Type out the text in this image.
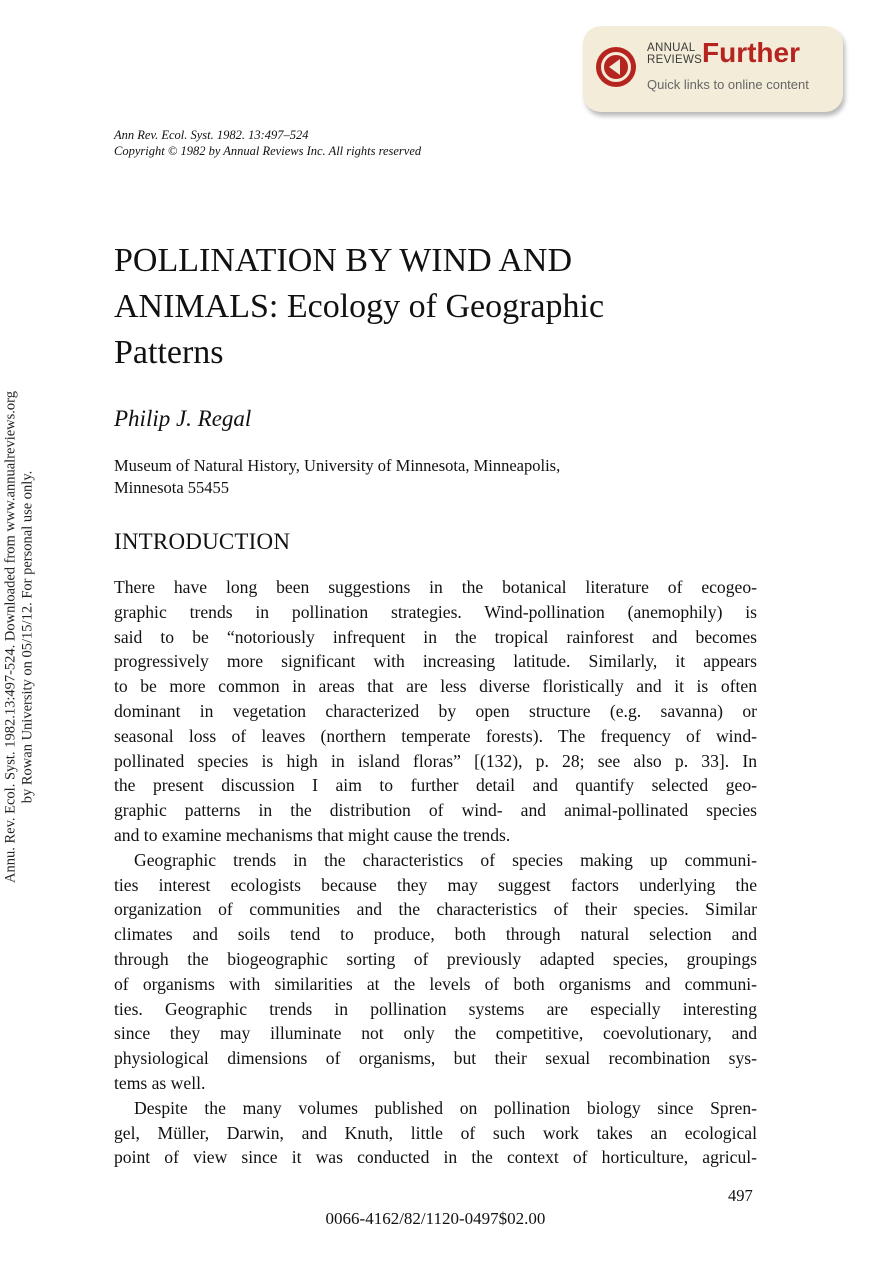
ANNUAL
REVIEWS Further
Quick links to online content
Ann Rev. Ecol. Syst. 1982. 13:497–524
Copyright © 1982 by Annual Reviews Inc. All rights reserved
Annu. Rev. Ecol. Syst. 1982.13:497-524. Downloaded from www.annualreviews.org by Rowan University on 05/15/12. For personal use only.
POLLINATION BY WIND AND
ANIMALS: Ecology of Geographic
Patterns
Philip J. Regal
Museum of Natural History, University of Minnesota, Minneapolis,
Minnesota 55455
INTRODUCTION
There have long been suggestions in the botanical literature of ecogeo-
graphic trends in pollination strategies. Wind-pollination (anemophily) is
said to be “notoriously infrequent in the tropical rainforest and becomes
progressively more significant with increasing latitude. Similarly, it appears
to be more common in areas that are less diverse floristically and it is often
dominant in vegetation characterized by open structure (e.g. savanna) or
seasonal loss of leaves (northern temperate forests). The frequency of wind-
pollinated species is high in island floras” [(132), p. 28; see also p. 33]. In
the present discussion I aim to further detail and quantify selected geo-
graphic patterns in the distribution of wind- and animal-pollinated species
and to examine mechanisms that might cause the trends.
Geographic trends in the characteristics of species making up communi-
ties interest ecologists because they may suggest factors underlying the
organization of communities and the characteristics of their species. Similar
climates and soils tend to produce, both through natural selection and
through the biogeographic sorting of previously adapted species, groupings
of organisms with similarities at the levels of both organisms and communi-
ties. Geographic trends in pollination systems are especially interesting
since they may illuminate not only the competitive, coevolutionary, and
physiological dimensions of organisms, but their sexual recombination sys-
tems as well.
Despite the many volumes published on pollination biology since Spren-
gel, Müller, Darwin, and Knuth, little of such work takes an ecological
point of view since it was conducted in the context of horticulture, agricul-
497
0066-4162/82/1120-0497$02.00
